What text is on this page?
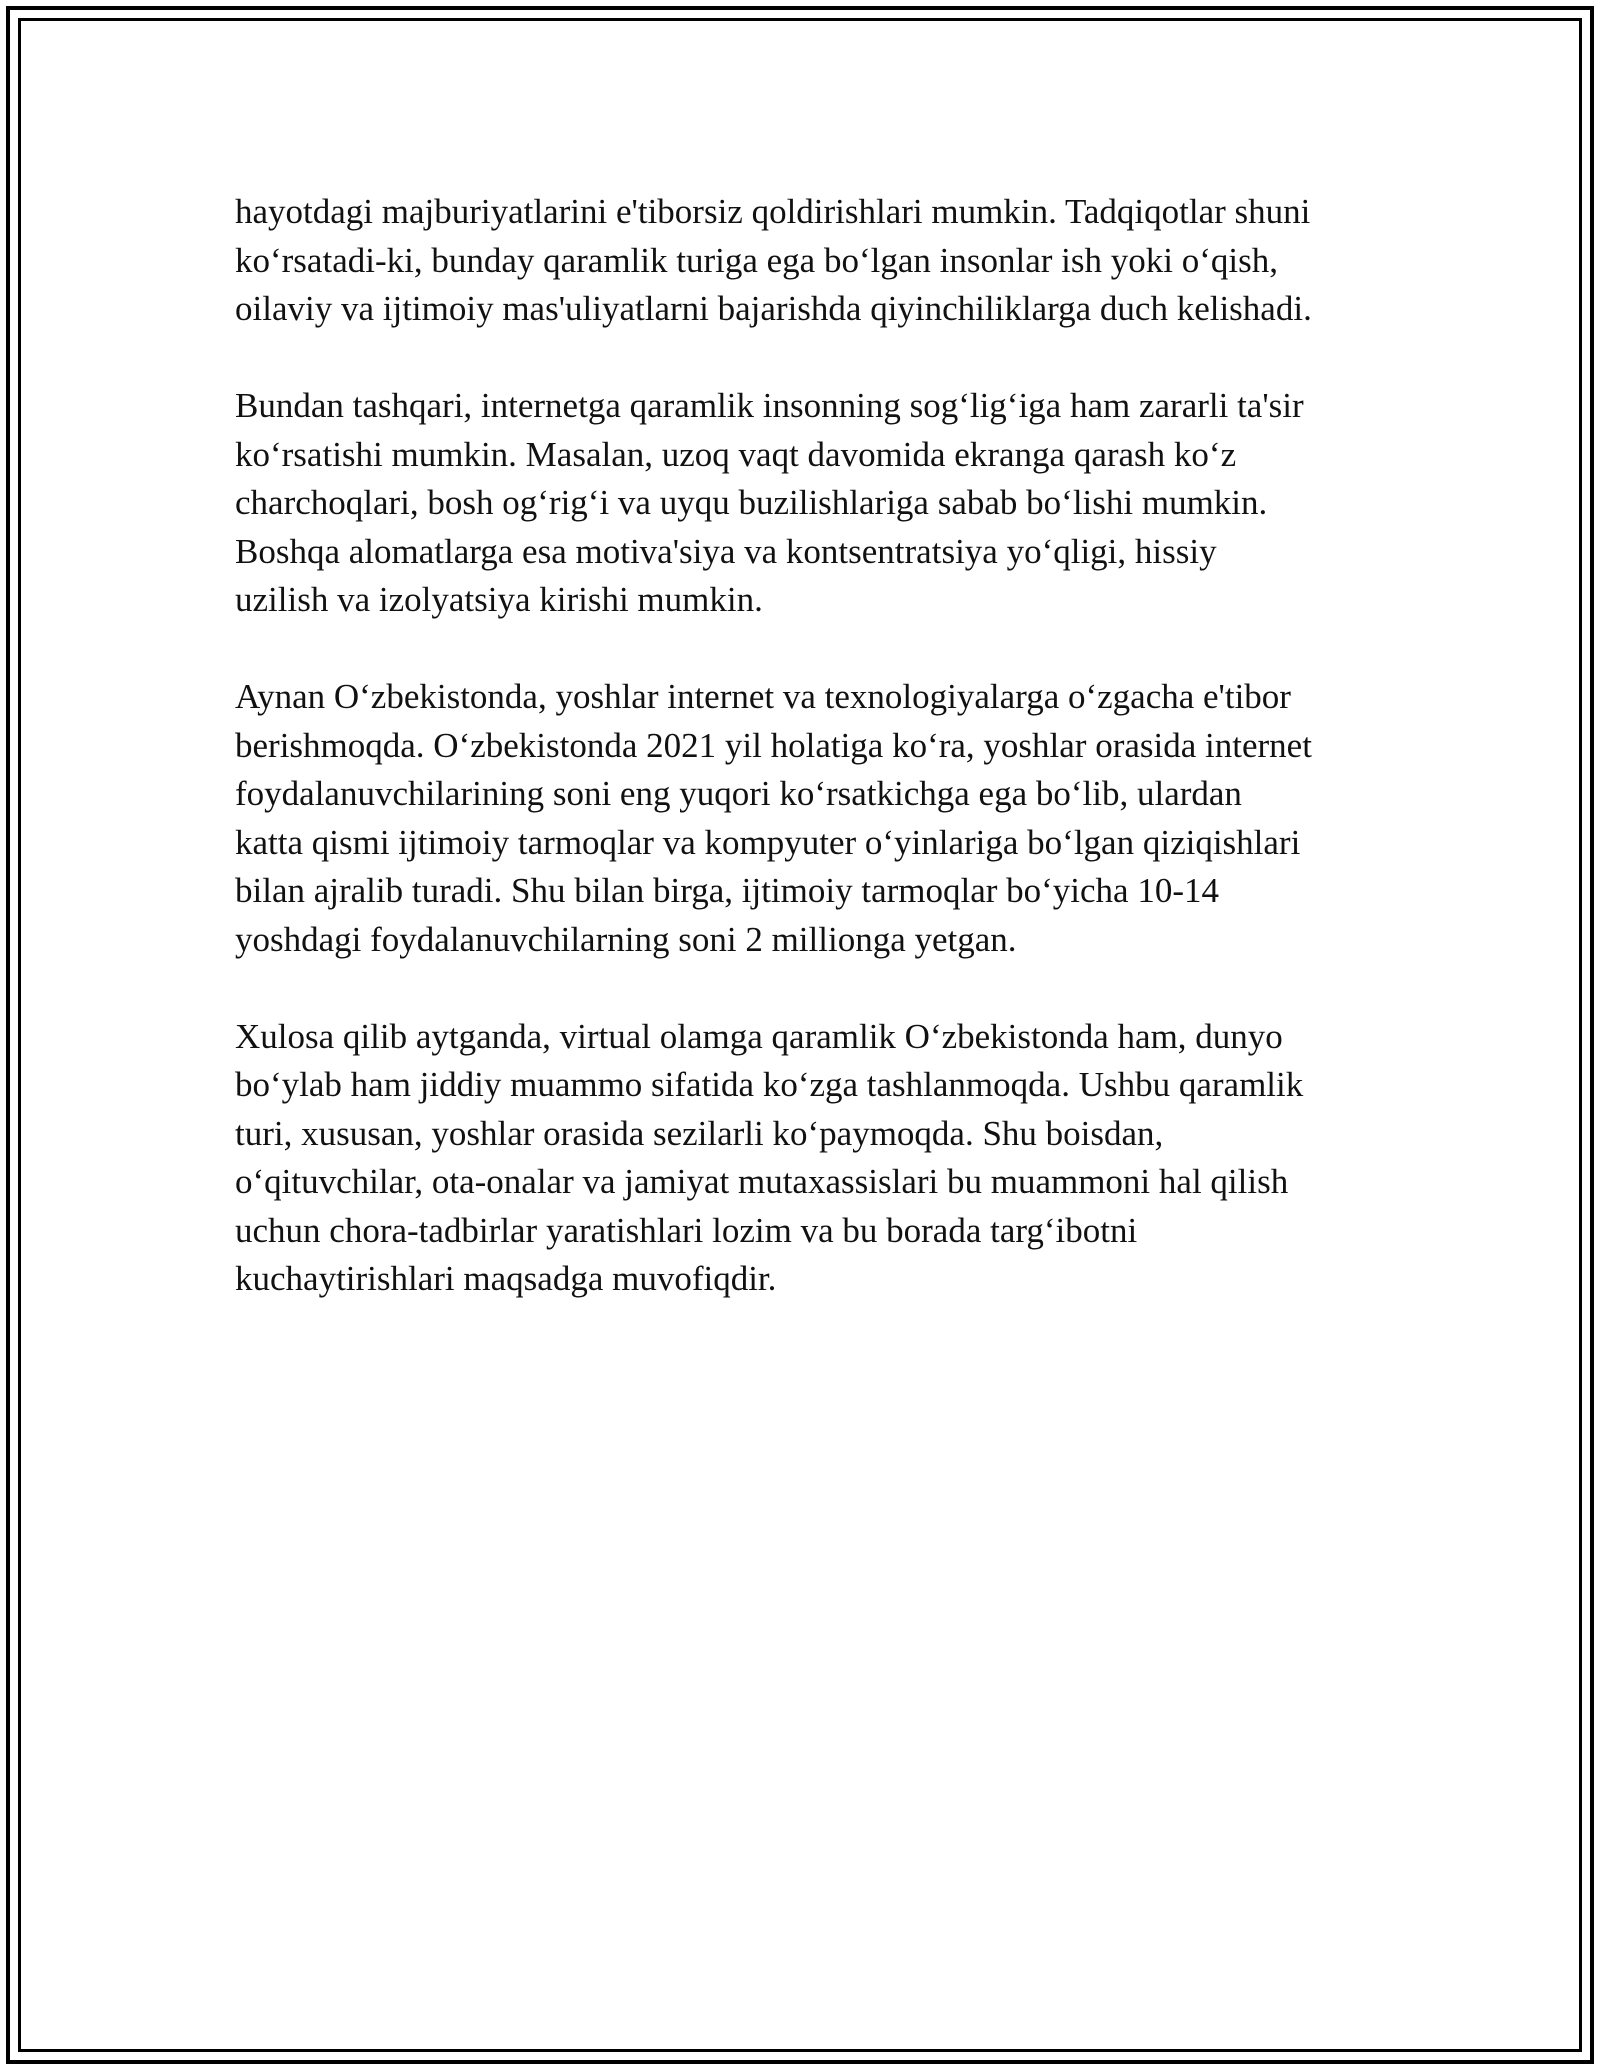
hayotdagi majburiyatlarini e'tiborsiz qoldirishlari mumkin. Tadqiqotlar shuni
ko‘rsatadi-ki, bunday qaramlik turiga ega bo‘lgan insonlar ish yoki o‘qish,
oilaviy va ijtimoiy mas'uliyatlarni bajarishda qiyinchiliklarga duch kelishadi.

Bundan tashqari, internetga qaramlik insonning sog‘lig‘iga ham zararli ta'sir
ko‘rsatishi mumkin. Masalan, uzoq vaqt davomida ekranga qarash ko‘z
charchoqlari, bosh og‘rig‘i va uyqu buzilishlariga sabab bo‘lishi mumkin.
Boshqa alomatlarga esa motiva'siya va kontsentratsiya yo‘qligi, hissiy
uzilish va izolyatsiya kirishi mumkin.

Aynan O‘zbekistonda, yoshlar internet va texnologiyalarga o‘zgacha e'tibor
berishmoqda. O‘zbekistonda 2021 yil holatiga ko‘ra, yoshlar orasida internet
foydalanuvchilarining soni eng yuqori ko‘rsatkichga ega bo‘lib, ulardan
katta qismi ijtimoiy tarmoqlar va kompyuter o‘yinlariga bo‘lgan qiziqishlari
bilan ajralib turadi. Shu bilan birga, ijtimoiy tarmoqlar bo‘yicha 10-14
yoshdagi foydalanuvchilarning soni 2 millionga yetgan.

Xulosa qilib aytganda, virtual olamga qaramlik O‘zbekistonda ham, dunyo
bo‘ylab ham jiddiy muammo sifatida ko‘zga tashlanmoqda. Ushbu qaramlik
turi, xususan, yoshlar orasida sezilarli ko‘paymoqda. Shu boisdan,
o‘qituvchilar, ota-onalar va jamiyat mutaxassislari bu muammoni hal qilish
uchun chora-tadbirlar yaratishlari lozim va bu borada targ‘ibotni
kuchaytirishlari maqsadga muvofiqdir.
